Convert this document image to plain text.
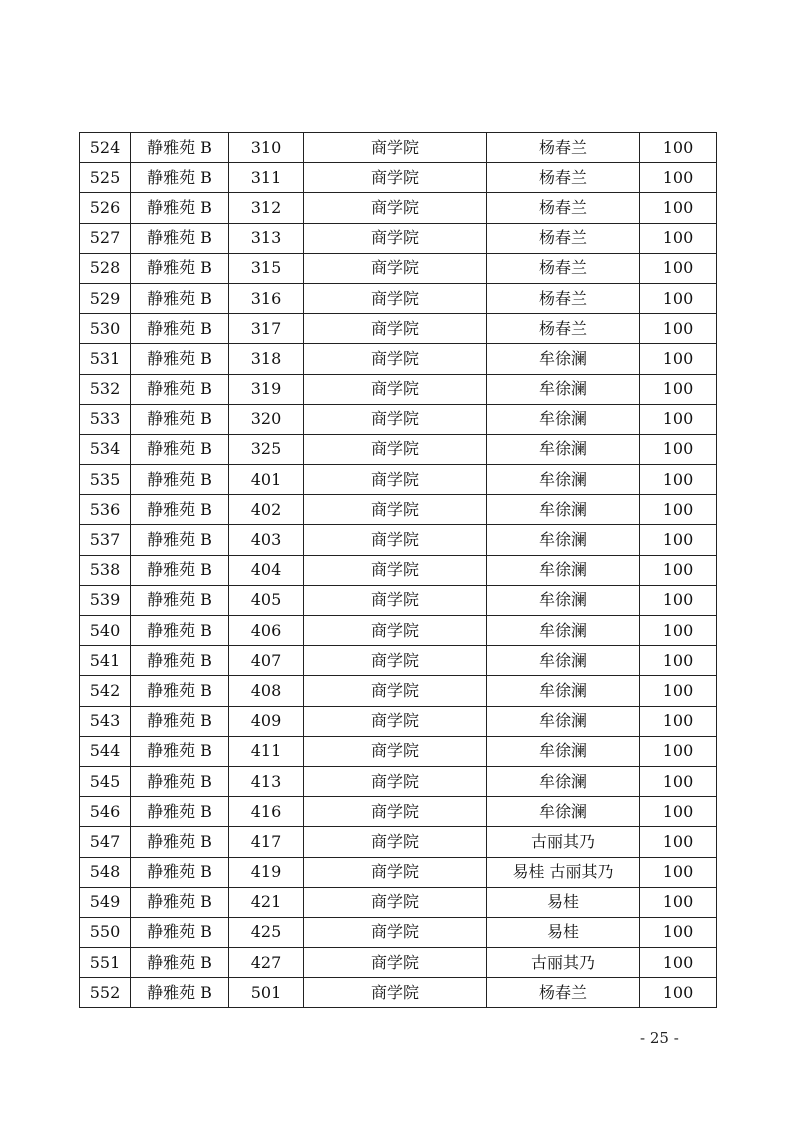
524	静雅苑 B	310	商学院	杨春兰	100
525	静雅苑 B	311	商学院	杨春兰	100
526	静雅苑 B	312	商学院	杨春兰	100
527	静雅苑 B	313	商学院	杨春兰	100
528	静雅苑 B	315	商学院	杨春兰	100
529	静雅苑 B	316	商学院	杨春兰	100
530	静雅苑 B	317	商学院	杨春兰	100
531	静雅苑 B	318	商学院	牟徐澜	100
532	静雅苑 B	319	商学院	牟徐澜	100
533	静雅苑 B	320	商学院	牟徐澜	100
534	静雅苑 B	325	商学院	牟徐澜	100
535	静雅苑 B	401	商学院	牟徐澜	100
536	静雅苑 B	402	商学院	牟徐澜	100
537	静雅苑 B	403	商学院	牟徐澜	100
538	静雅苑 B	404	商学院	牟徐澜	100
539	静雅苑 B	405	商学院	牟徐澜	100
540	静雅苑 B	406	商学院	牟徐澜	100
541	静雅苑 B	407	商学院	牟徐澜	100
542	静雅苑 B	408	商学院	牟徐澜	100
543	静雅苑 B	409	商学院	牟徐澜	100
544	静雅苑 B	411	商学院	牟徐澜	100
545	静雅苑 B	413	商学院	牟徐澜	100
546	静雅苑 B	416	商学院	牟徐澜	100
547	静雅苑 B	417	商学院	古丽其乃	100
548	静雅苑 B	419	商学院	易桂 古丽其乃	100
549	静雅苑 B	421	商学院	易桂	100
550	静雅苑 B	425	商学院	易桂	100
551	静雅苑 B	427	商学院	古丽其乃	100
552	静雅苑 B	501	商学院	杨春兰	100
- 25 -
